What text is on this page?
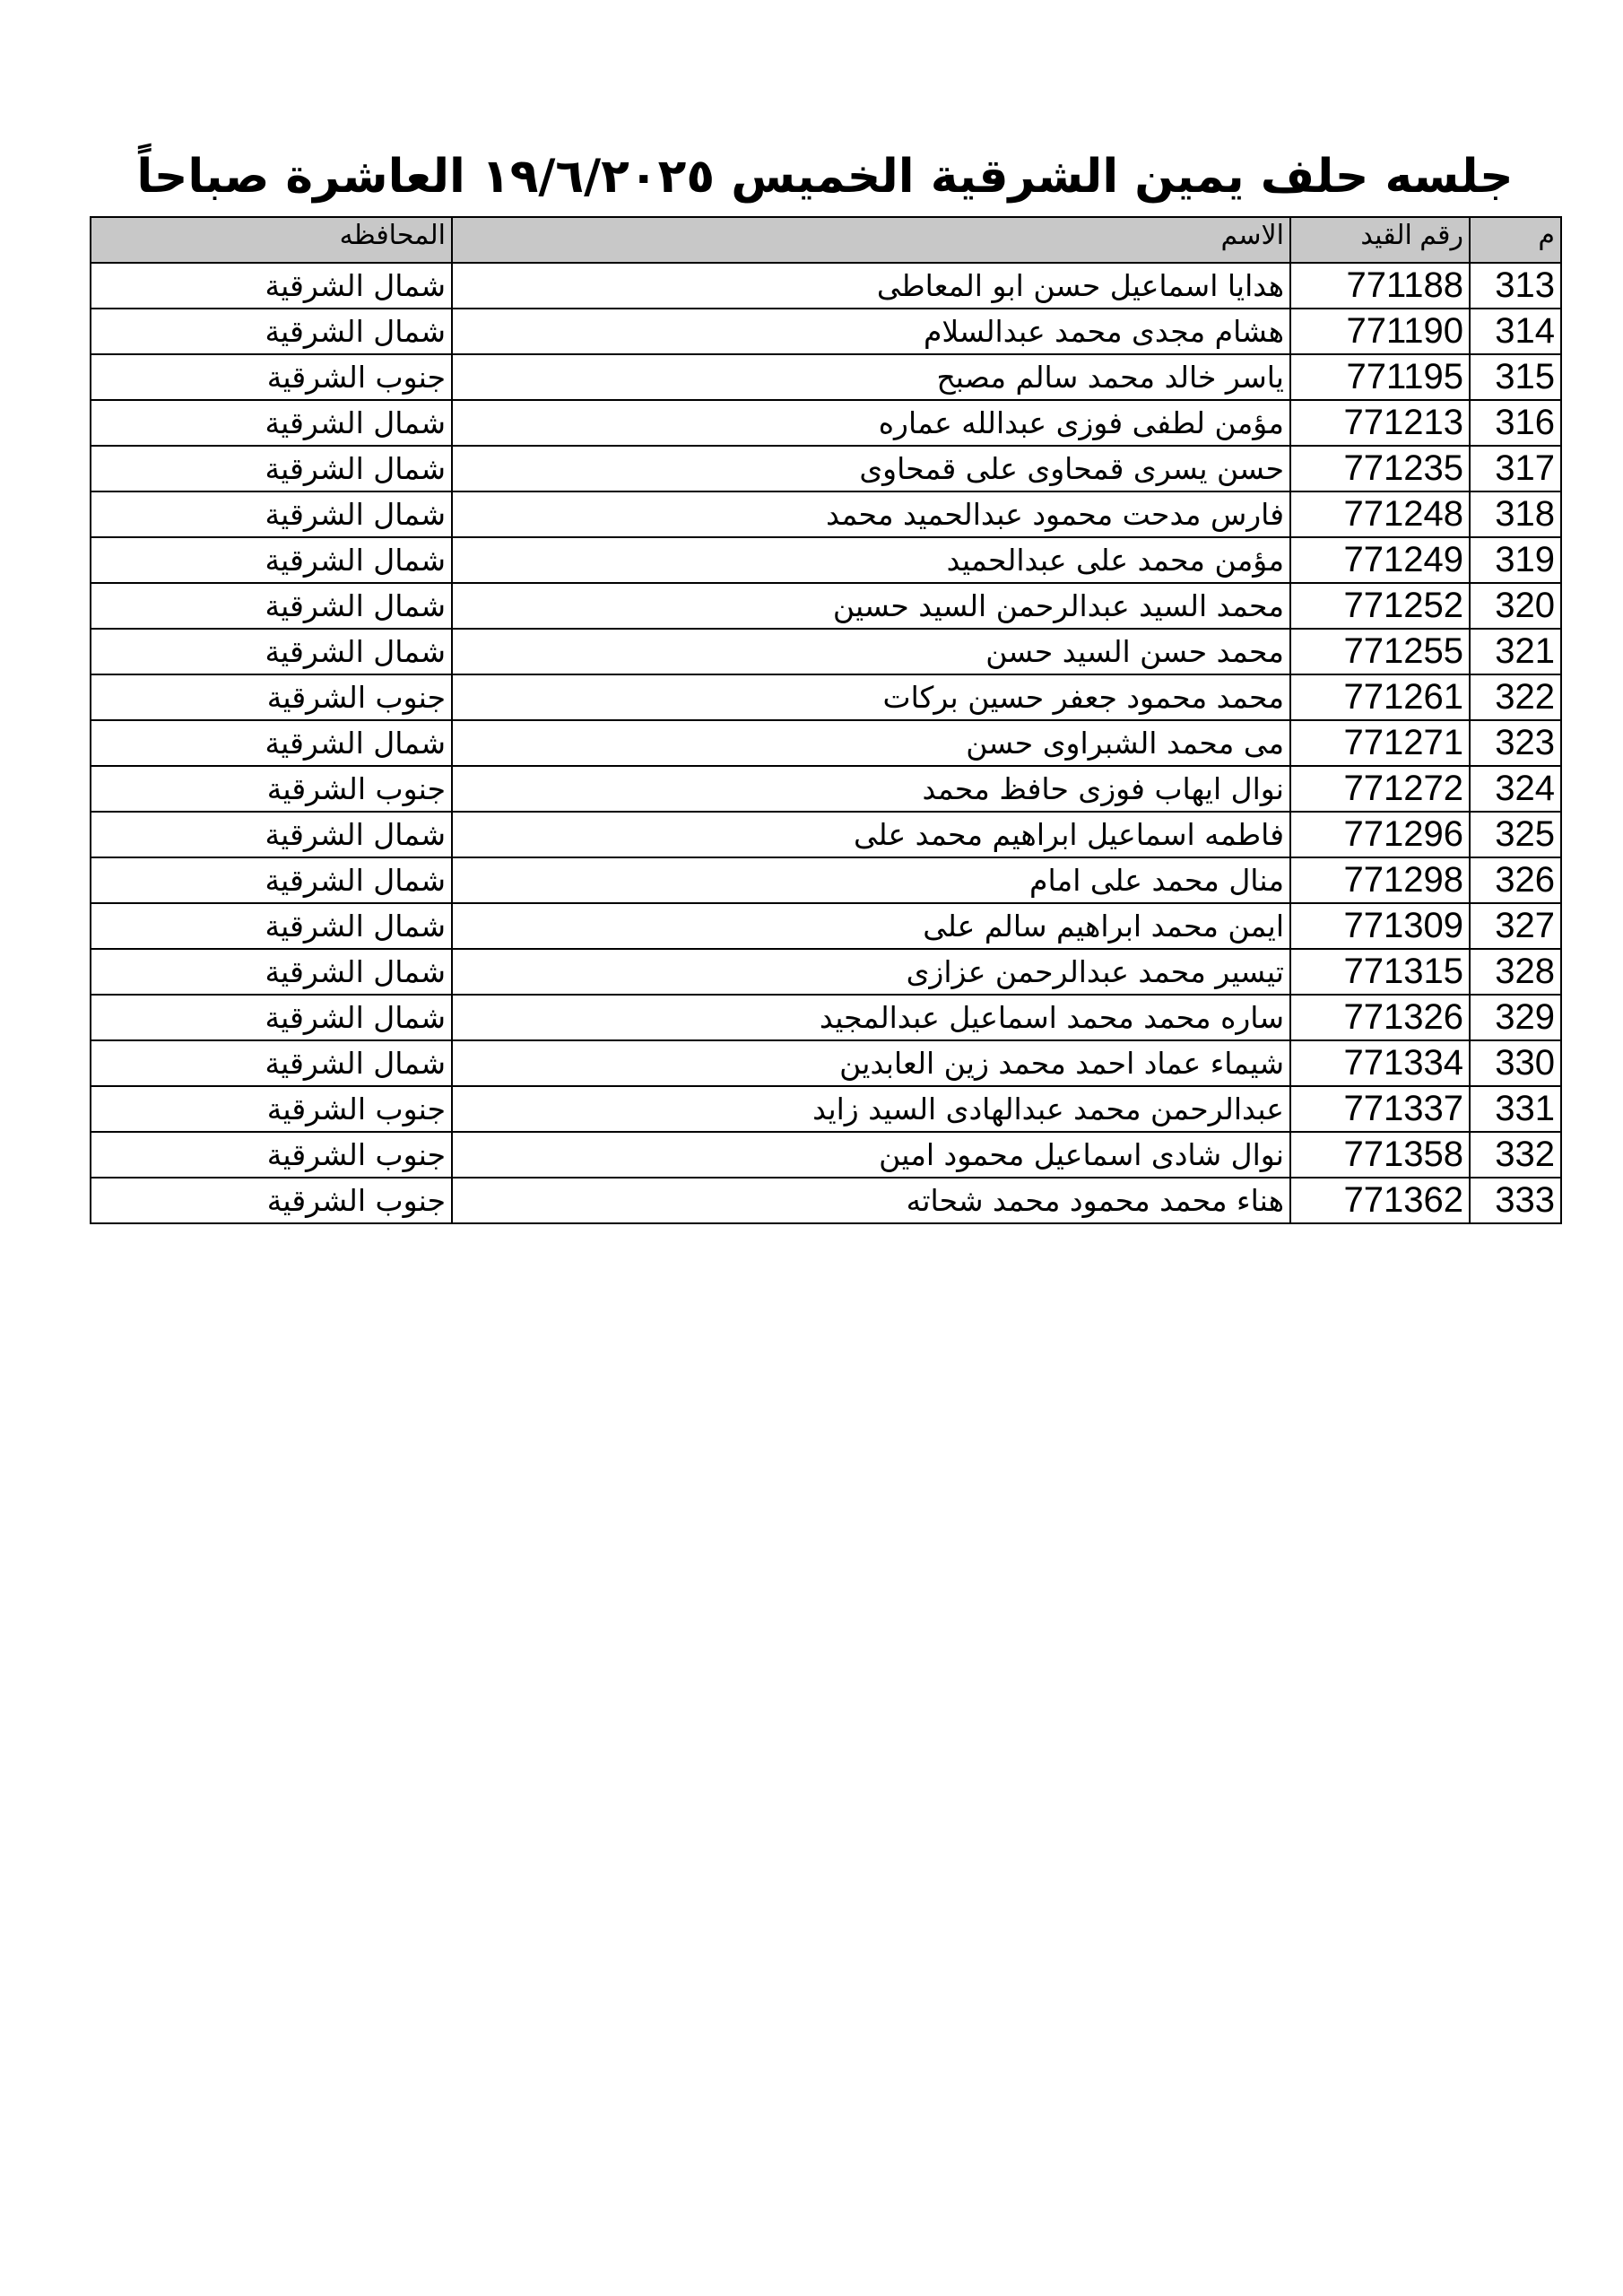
جلسه حلف يمين الشرقية الخميس ١٩/٦/٢٠٢٥ العاشرة صباحاً
م	رقم القيد	الاسم	المحافظه
313	771188	هدايا اسماعيل حسن ابو المعاطى	شمال الشرقية
314	771190	هشام مجدى محمد عبدالسلام	شمال الشرقية
315	771195	ياسر خالد محمد سالم مصبح	جنوب الشرقية
316	771213	مؤمن لطفى فوزى عبدالله عماره	شمال الشرقية
317	771235	حسن يسرى قمحاوى على قمحاوى	شمال الشرقية
318	771248	فارس مدحت محمود عبدالحميد محمد	شمال الشرقية
319	771249	مؤمن محمد على عبدالحميد	شمال الشرقية
320	771252	محمد السيد عبدالرحمن السيد حسين	شمال الشرقية
321	771255	محمد حسن السيد حسن	شمال الشرقية
322	771261	محمد محمود جعفر حسين بركات	جنوب الشرقية
323	771271	مى محمد الشبراوى حسن	شمال الشرقية
324	771272	نوال ايهاب فوزى حافظ محمد	جنوب الشرقية
325	771296	فاطمه اسماعيل ابراهيم محمد على	شمال الشرقية
326	771298	منال محمد على امام	شمال الشرقية
327	771309	ايمن محمد ابراهيم سالم على	شمال الشرقية
328	771315	تيسير محمد عبدالرحمن عزازى	شمال الشرقية
329	771326	ساره محمد محمد اسماعيل عبدالمجيد	شمال الشرقية
330	771334	شيماء عماد احمد محمد زين العابدين	شمال الشرقية
331	771337	عبدالرحمن محمد عبدالهادى السيد زايد	جنوب الشرقية
332	771358	نوال شادى اسماعيل محمود امين	جنوب الشرقية
333	771362	هناء محمد محمود محمد شحاته	جنوب الشرقية
